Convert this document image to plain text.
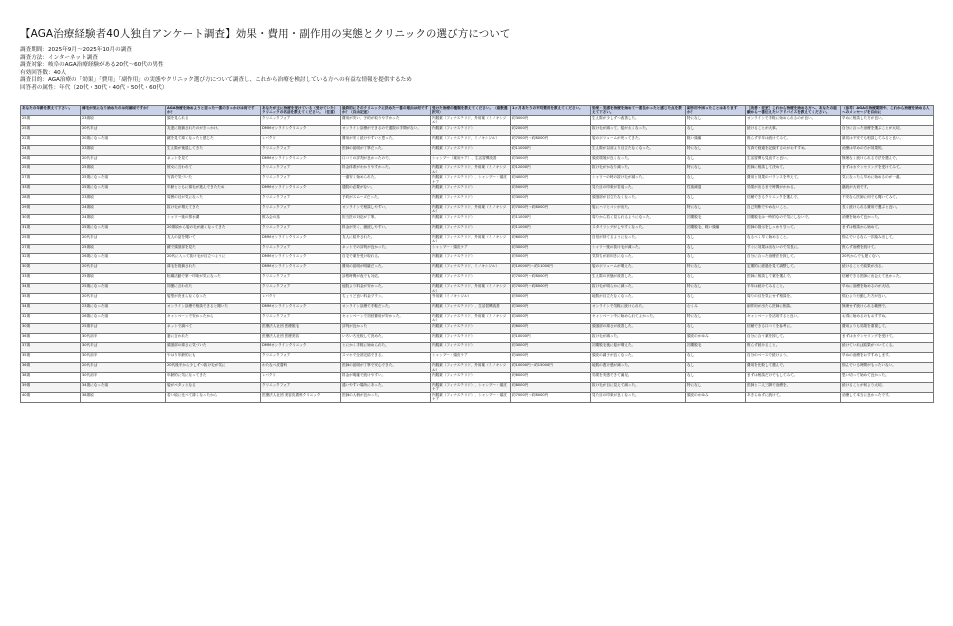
【AGA治療経験者40人独自アンケート調査】効果・費用・副作用の実態とクリニックの選び方について
調査期間：2025年9月〜2025年10月の調査
調査方法：インターネット調査
調査対象：岐阜のAGA治療経験がある20代〜60代の男性
有効回答数：40人
調査目的：AGA治療の「効果」「費用」「副作用」の実態やクリニック選び方について調査し、これから治療を検討している方への有益な情報を提供するため
回答者の属性：年代（20代・30代・40代・50代・60代）
あなたの年齢を教えて下さい。	薄毛が気になり始めたのは何歳頃ですか？	AGA治療を始めようと思った一番のきっかけは何ですか？	あなたが主に治療を受けている（受けていた）クリニックの名前を教えてください。（任意）	最終的にそのクリニックに決めた一番の理由は何ですか？（自由記述）	受けた治療の種類を教えてください。（複数選択可）	1ヶ月あたりの平均費用を教えてください。	効果・実感を治療を始めて一番良かったと感じた点を教えて下さい。	副作用や困ったことはありますか？	［改善・変更］これから治療を始める方へ、あなたの経験から一番伝えたいアドバイスを教えてください。	（参考）AGAの治療期間や、これから治療を始める人へのメッセージを自由に
25歳	23歳頃	頭を見られる	クリニックフォア	費用が安い、予約が取りやすかった	内服薬（フィナステリド、外用薬（ミノキシジル）	約3000円	生え際が少しずつ改善した。	特になし	オンラインで手軽に始められるのが良い。	早めに相談した方が良い。
25歳	20代半ば	友達に指摘されたのがきっかけ。	DMMオンラインクリニック	オンライン診療ができるので通院の手間がない。	内服薬（フィナステリド）	約2000円	抜け毛が減って、髪が太くなった。	なし	続けることが大事。	自分に合った治療を選ぶことが大切。
22歳	20歳になった頃	鏡を見て薄くなったと感じた	レバクリ	費用が安く続けやすいと思った。	内服薬（フィナステリド、ミノキシジル）	約7000円〜約8000円	髪のボリュームが戻ってきた。	軽い頭痛	焦らず半年は続けてみて。	最初は不安でも相談してみると良い。
24歳	23歳頃	生え際が後退してきた	クリニックフォア	医師の説明が丁寧だった。	内服薬（フィナステリド）	約11000円	生え際が以前より目立たなくなった。	特になし	写真で経過を記録するのがおすすめ。	治療は早めの方が効果的。
26歳	20代半ば	ネットを見て	DMMオンラインクリニック	口コミの評判が良かったので。	シャンプー（薬用ケア）、生活習慣改善	約3000円	頭皮環境が良くなった。	なし	生活習慣も見直すと良い。	無理なく続けられる方法を選んで。
25歳	25歳頃	彼女に言われて	クリニックフォア	料金体系がわかりやすかった。	内服薬（フィナステリド、外用薬（ミノキシジル）	約12000円	抜け毛がかなり減った。	特になし	医師に相談して決めて。	まずはカウンセリングを受けてみて。
27歳	25歳になった頃	写真で気づいた	クリニックフォア	一番安く始められた。	内服薬（フィナステリド）、シャンプー・頭皮ケア	約4000円	シャワーの時の抜け毛が減った。	なし	費用と効果のバランスを考えて。	気になったら早めに始めるのが一番。
33歳	25歳になった頃	年齢とともに薄毛が進んできたため	DMMオンラインクリニック	通院の必要がない。	内服薬（フィナステリド）	約5000円	見た目の印象が若返った。	性欲減退	効果が出るまで時間がかかる。	継続が大切です。
28歳	23歳頃	周囲の目が気になった	クリニックフォア	予約がスムーズだった。	内服薬（フィナステリド）	約3000円	頭頂部が目立たなくなった。	なし	信頼できるクリニックを選んで。	不安なら医師に何でも聞いてみて。
29歳	24歳頃	抜け毛が増えてきた	クリニックフォア	オンラインで相談しやすい。	内服薬（フィナステリド、外用薬（ミノキシジル）	約7000円〜約8000円	髪にハリとコシが出た。	特になし	自己判断でやめないこと。	長く続けられる費用で選ぶと良い。
30歳	24歳頃	シャワー後の排水溝	飲み会の話	担当医の対応が丁寧。	内服薬（フィナステリド）	約11000円	周りから若く見られるようになった。	初期脱毛	初期脱毛は一時的なので気にしないで。	治療を始めて良かった。
31歳	25歳になった頃	20歳頃から髪の毛が細くなってきた	クリニックフォア	料金が安く、継続しやすい。	内服薬（フィナステリド）	約11000円	スタイリングがしやすくなった。	初期脱毛、軽い頭痛	医師の指示をしっかり守って。	まずは相談から始めて。
25歳	20代半ば	友人の話を聞いて	DMMオンラインクリニック	友人に紹介された。	内服薬（フィナステリド、外用薬（ミノキシジル）	約6000円	自信が持てるようになった。	なし	なるべく早く始めること。	悩んでいるなら一歩踏み出して。
27歳	25歳頃	鏡で頭頂部を見た	クリニックフォア	ネットでの評判が良かった。	シャンプー・頭皮ケア	約3000円	シャワー後の抜け毛が減った。	なし	すぐに効果は出ないので気長に。	焦らず治療を続けて。
32歳	26歳になった頃	20代に入って抜け毛が目立つように	DMMオンラインクリニック	自宅で薬を受け取れる。	内服薬（フィナステリド）	約5000円	気持ちが前向きになった。	なし	自分に合った治療法を探して。	20代からでも遅くない。
30歳	20代半ば	薄毛を指摘された	DMMオンラインクリニック	費用の説明が明確だった。	内服薬（フィナステリド、ミノキシジル）	約10000円〜約11000円	髪のボリュームが増えた。	特になし	定期的に経過を見て調整して。	続けることで結果が出る。
33歳	25歳頃	転職活動で第一印象が気になった	クリニックフォア	診察時間が夜でも対応。	内服薬（フィナステリド）	約7000円〜約8000円	生え際の状態が改善した。	なし	医師に相談して薬を選んで。	信頼できる医師に出会えて良かった。
34歳	25歳になった頃	同僚に言われた	クリニックフォア	他院より料金が安かった。	内服薬（フィナステリド、外用薬（ミノキシジル）	約7000円〜約8000円	抜け毛が明らかに減った。	特になし	半年は続けてみること。	早めに治療を始めるのが大切。
35歳	20代半ば	髪型が決まらなくなった	レバクリ	ちょうど良い料金プラン。	外用薬（ミノキシジル）	約5000円	地肌が目立たなくなった。	なし	周りの目を気にせず相談を。	悩むより行動した方が良い。
34歳	23歳になった頃	オンライン診療で相談できると聞いた	DMMオンラインクリニック	オンライン診療で手軽だった。	内服薬（フィナステリド）、生活習慣改善	約3000円	オンラインで気軽に続けられた。	むくみ	副作用が出たら医師に相談。	無理せず続けられる範囲で。
32歳	26歳になった頃	キャンペーンで安かったから	クリニックフォア	キャンペーンで初回費用が安かった。	内服薬（フィナステリド、外用薬（ミノキシジル）	約4000円	キャンペーン中に始められてよかった。	特になし	キャンペーンを活用すると良い。	お得に始めるのもおすすめ。
30歳	25歳半ば	ネットで調べて	医療法人社団 医療脱毛	評判が良かった	内服薬（フィナステリド）	約6000円	頭頂部の薄さが改善した。	なし	信頼できる口コミを参考に。	費用よりも効果を重視して。
36歳	30代前半	妻に言われた	医療法人社団 医療美容	いろいろ比較して決めた。	内服薬（フィナステリド）	約10000円	抜け毛が減った。	頭皮のかゆみ	自分に合う薬を探して。	まずはカウンセリングを受けて。
37歳	30代半ば	頭頂部の薄さに気づいた	DMMオンラインクリニック	とにかく手軽に始められた。	内服薬（フィナステリド）	約3000円	初期脱毛後に髪が増えた。	初期脱毛	焦らず続けること。	続けていれば結果がついてくる。
35歳	30代前半	やはり年齢的にも	クリニックフォア	スマホで全部完結できる。	シャンプー・頭皮ケア	約4000円	頭皮の調子が良くなった。	なし	自分のペースで続けよう。	早めの治療をおすすめします。
36歳	20代半ば	20代後半から少しずつ抜け毛が気に	わたなべ皮膚科	医師の説明が丁寧で安心できた。	内服薬（フィナステリド、外用薬（ミノキシジル）	約10000円〜約15000円	地肌の透け感が減った。	なし	費用を比較して選んで。	悩んでいる時間がもったいない。
38歳	30代前半	年齢的に気になってきた	レバクリ	料金が明確で続けやすい。	内服薬（フィナステリド）	約6000円	効果を実感できて満足。	なし	まずは相談だけでもしてみて。	思い切って始めて良かった。
39歳	34歳になった頃	髪がペタッとなる	クリニックフォア	通いやすい場所にあった。	内服薬（フィナステリド）、シャンプー・頭皮ケア	約8000円	抜け毛が目に見えて減った。	特になし	医師と二人三脚で治療を。	続けることが何より大切。
40歳	38歳頃	若い頃に比べて薄くなったから	医療法人社団 美容皮膚科クリニック	医師の人柄が良かった。	内服薬（フィナステリド）、シャンプー・頭皮ケア	約7000円〜約8000円	見た目の印象が良くなった。	頭皮のかゆみ	あきらめずに続けて。	治療して本当に良かったです。
